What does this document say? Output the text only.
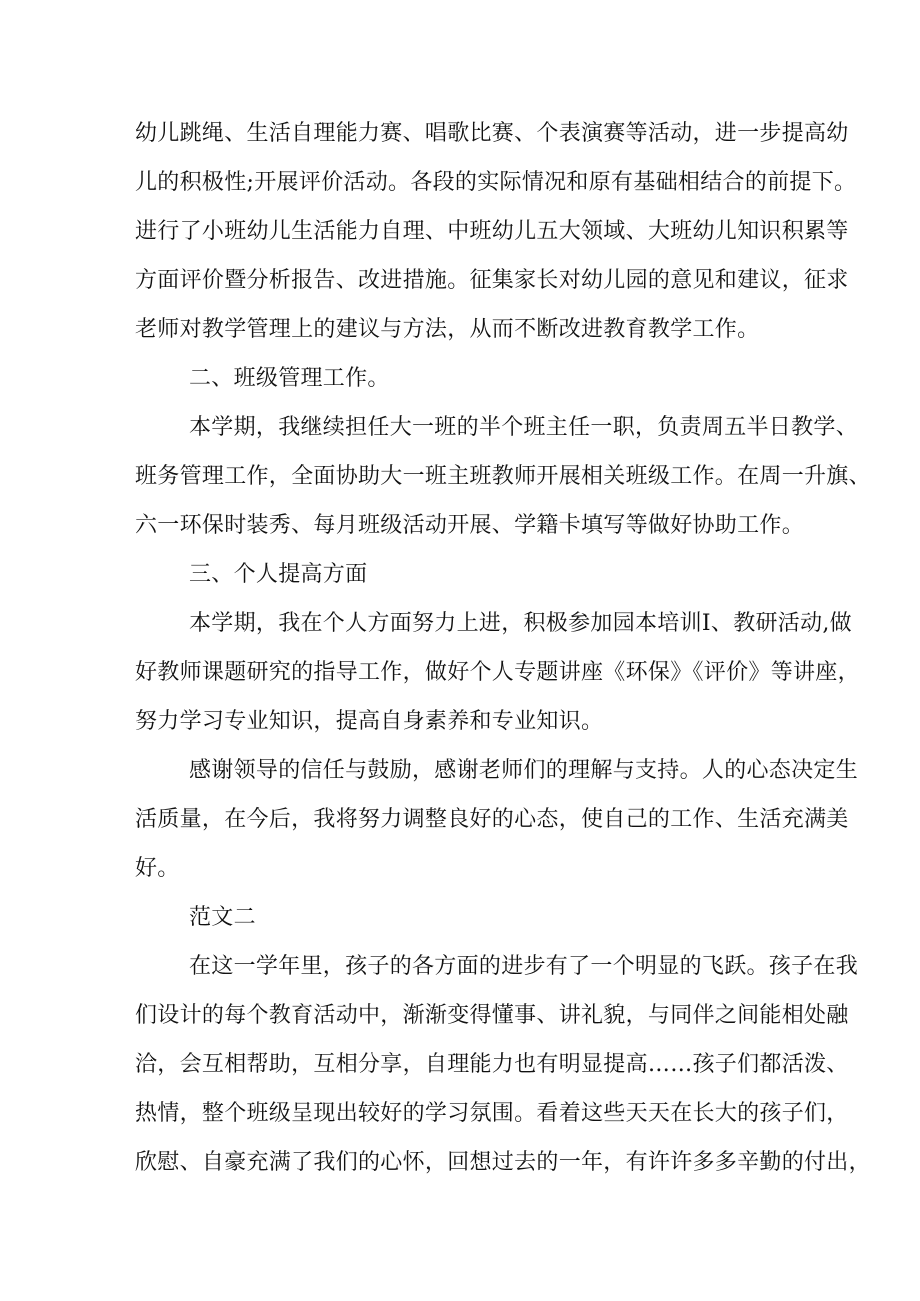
幼儿跳绳、生活自理能力赛、唱歌比赛、个表演赛等活动，进一步提高幼
儿的积极性;开展评价活动。各段的实际情况和原有基础相结合的前提下。
进行了小班幼儿生活能力自理、中班幼儿五大领域、大班幼儿知识积累等
方面评价暨分析报告、改进措施。征集家长对幼儿园的意见和建议，征求
老师对教学管理上的建议与方法，从而不断改进教育教学工作。
二、班级管理工作。
本学期，我继续担任大一班的半个班主任一职，负责周五半日教学、
班务管理工作，全面协助大一班主班教师开展相关班级工作。在周一升旗、
六一环保时装秀、每月班级活动开展、学籍卡填写等做好协助工作。
三、个人提高方面
本学期，我在个人方面努力上进，积极参加园本培训I、教研活动,做
好教师课题研究的指导工作，做好个人专题讲座《环保》《评价》等讲座，
努力学习专业知识，提高自身素养和专业知识。
感谢领导的信任与鼓励，感谢老师们的理解与支持。人的心态决定生
活质量，在今后，我将努力调整良好的心态，使自己的工作、生活充满美
好。
范文二
在这一学年里，孩子的各方面的进步有了一个明显的飞跃。孩子在我
们设计的每个教育活动中，渐渐变得懂事、讲礼貌，与同伴之间能相处融
洽，会互相帮助，互相分享，自理能力也有明显提高……孩子们都活泼、
热情，整个班级呈现出较好的学习氛围。看着这些天天在长大的孩子们，
欣慰、自豪充满了我们的心怀，回想过去的一年，有许许多多辛勤的付出，
